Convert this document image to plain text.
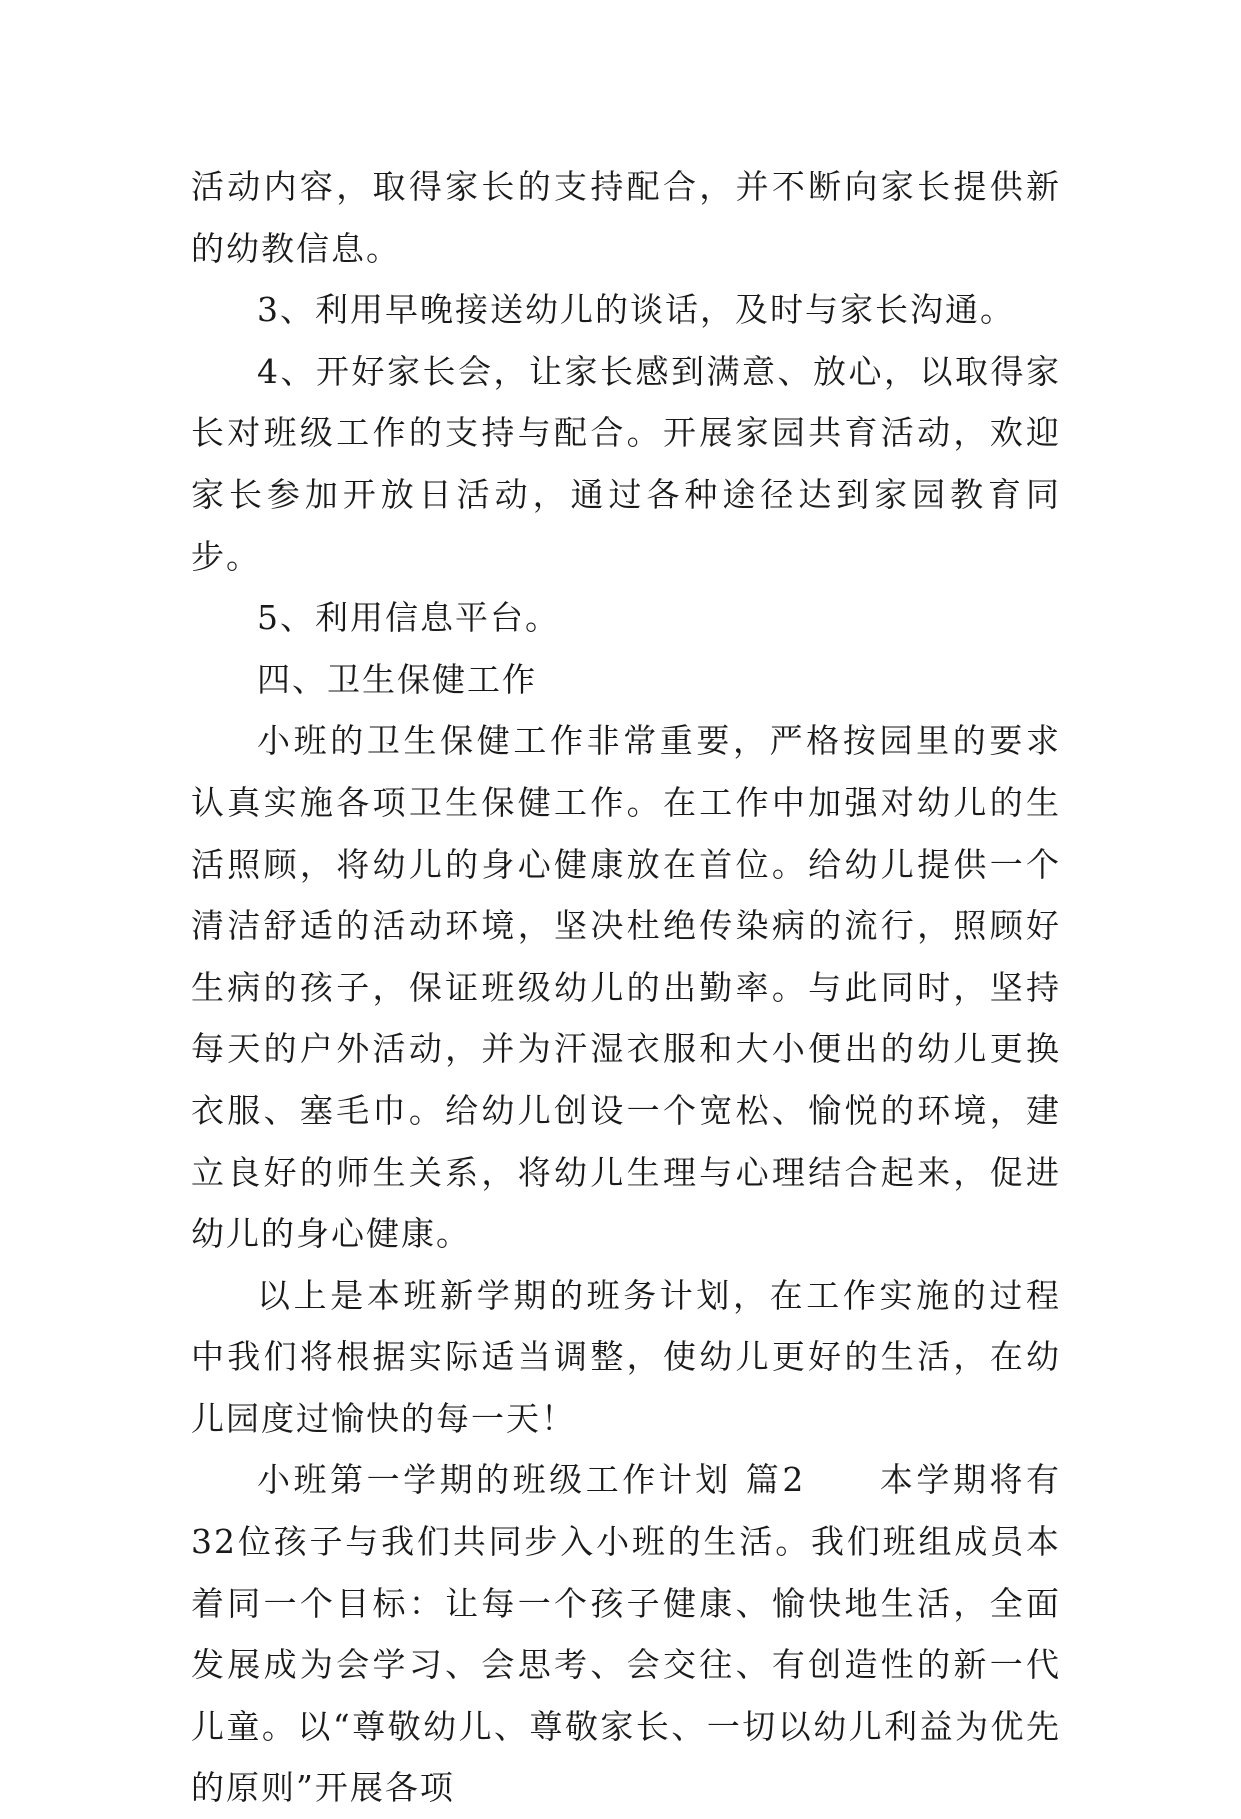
活动内容，取得家长的支持配合，并不断向家长提供新的幼教信息。

3、利用早晚接送幼儿的谈话，及时与家长沟通。

4、开好家长会，让家长感到满意、放心，以取得家长对班级工作的支持与配合。开展家园共育活动，欢迎家长参加开放日活动，通过各种途径达到家园教育同步。

5、利用信息平台。

四、卫生保健工作

小班的卫生保健工作非常重要，严格按园里的要求认真实施各项卫生保健工作。在工作中加强对幼儿的生活照顾，将幼儿的身心健康放在首位。给幼儿提供一个清洁舒适的活动环境，坚决杜绝传染病的流行，照顾好生病的孩子，保证班级幼儿的出勤率。与此同时，坚持每天的户外活动，并为汗湿衣服和大小便出的幼儿更换衣服、塞毛巾。给幼儿创设一个宽松、愉悦的环境，建立良好的师生关系，将幼儿生理与心理结合起来，促进幼儿的身心健康。

以上是本班新学期的班务计划，在工作实施的过程中我们将根据实际适当调整，使幼儿更好的生活，在幼儿园度过愉快的每一天！

小班第一学期的班级工作计划 篇2　　本学期将有32位孩子与我们共同步入小班的生活。我们班组成员本着同一个目标：让每一个孩子健康、愉快地生活，全面发展成为会学习、会思考、会交往、有创造性的新一代儿童。以“尊敬幼儿、尊敬家长、一切以幼儿利益为优先的原则”开展各项
